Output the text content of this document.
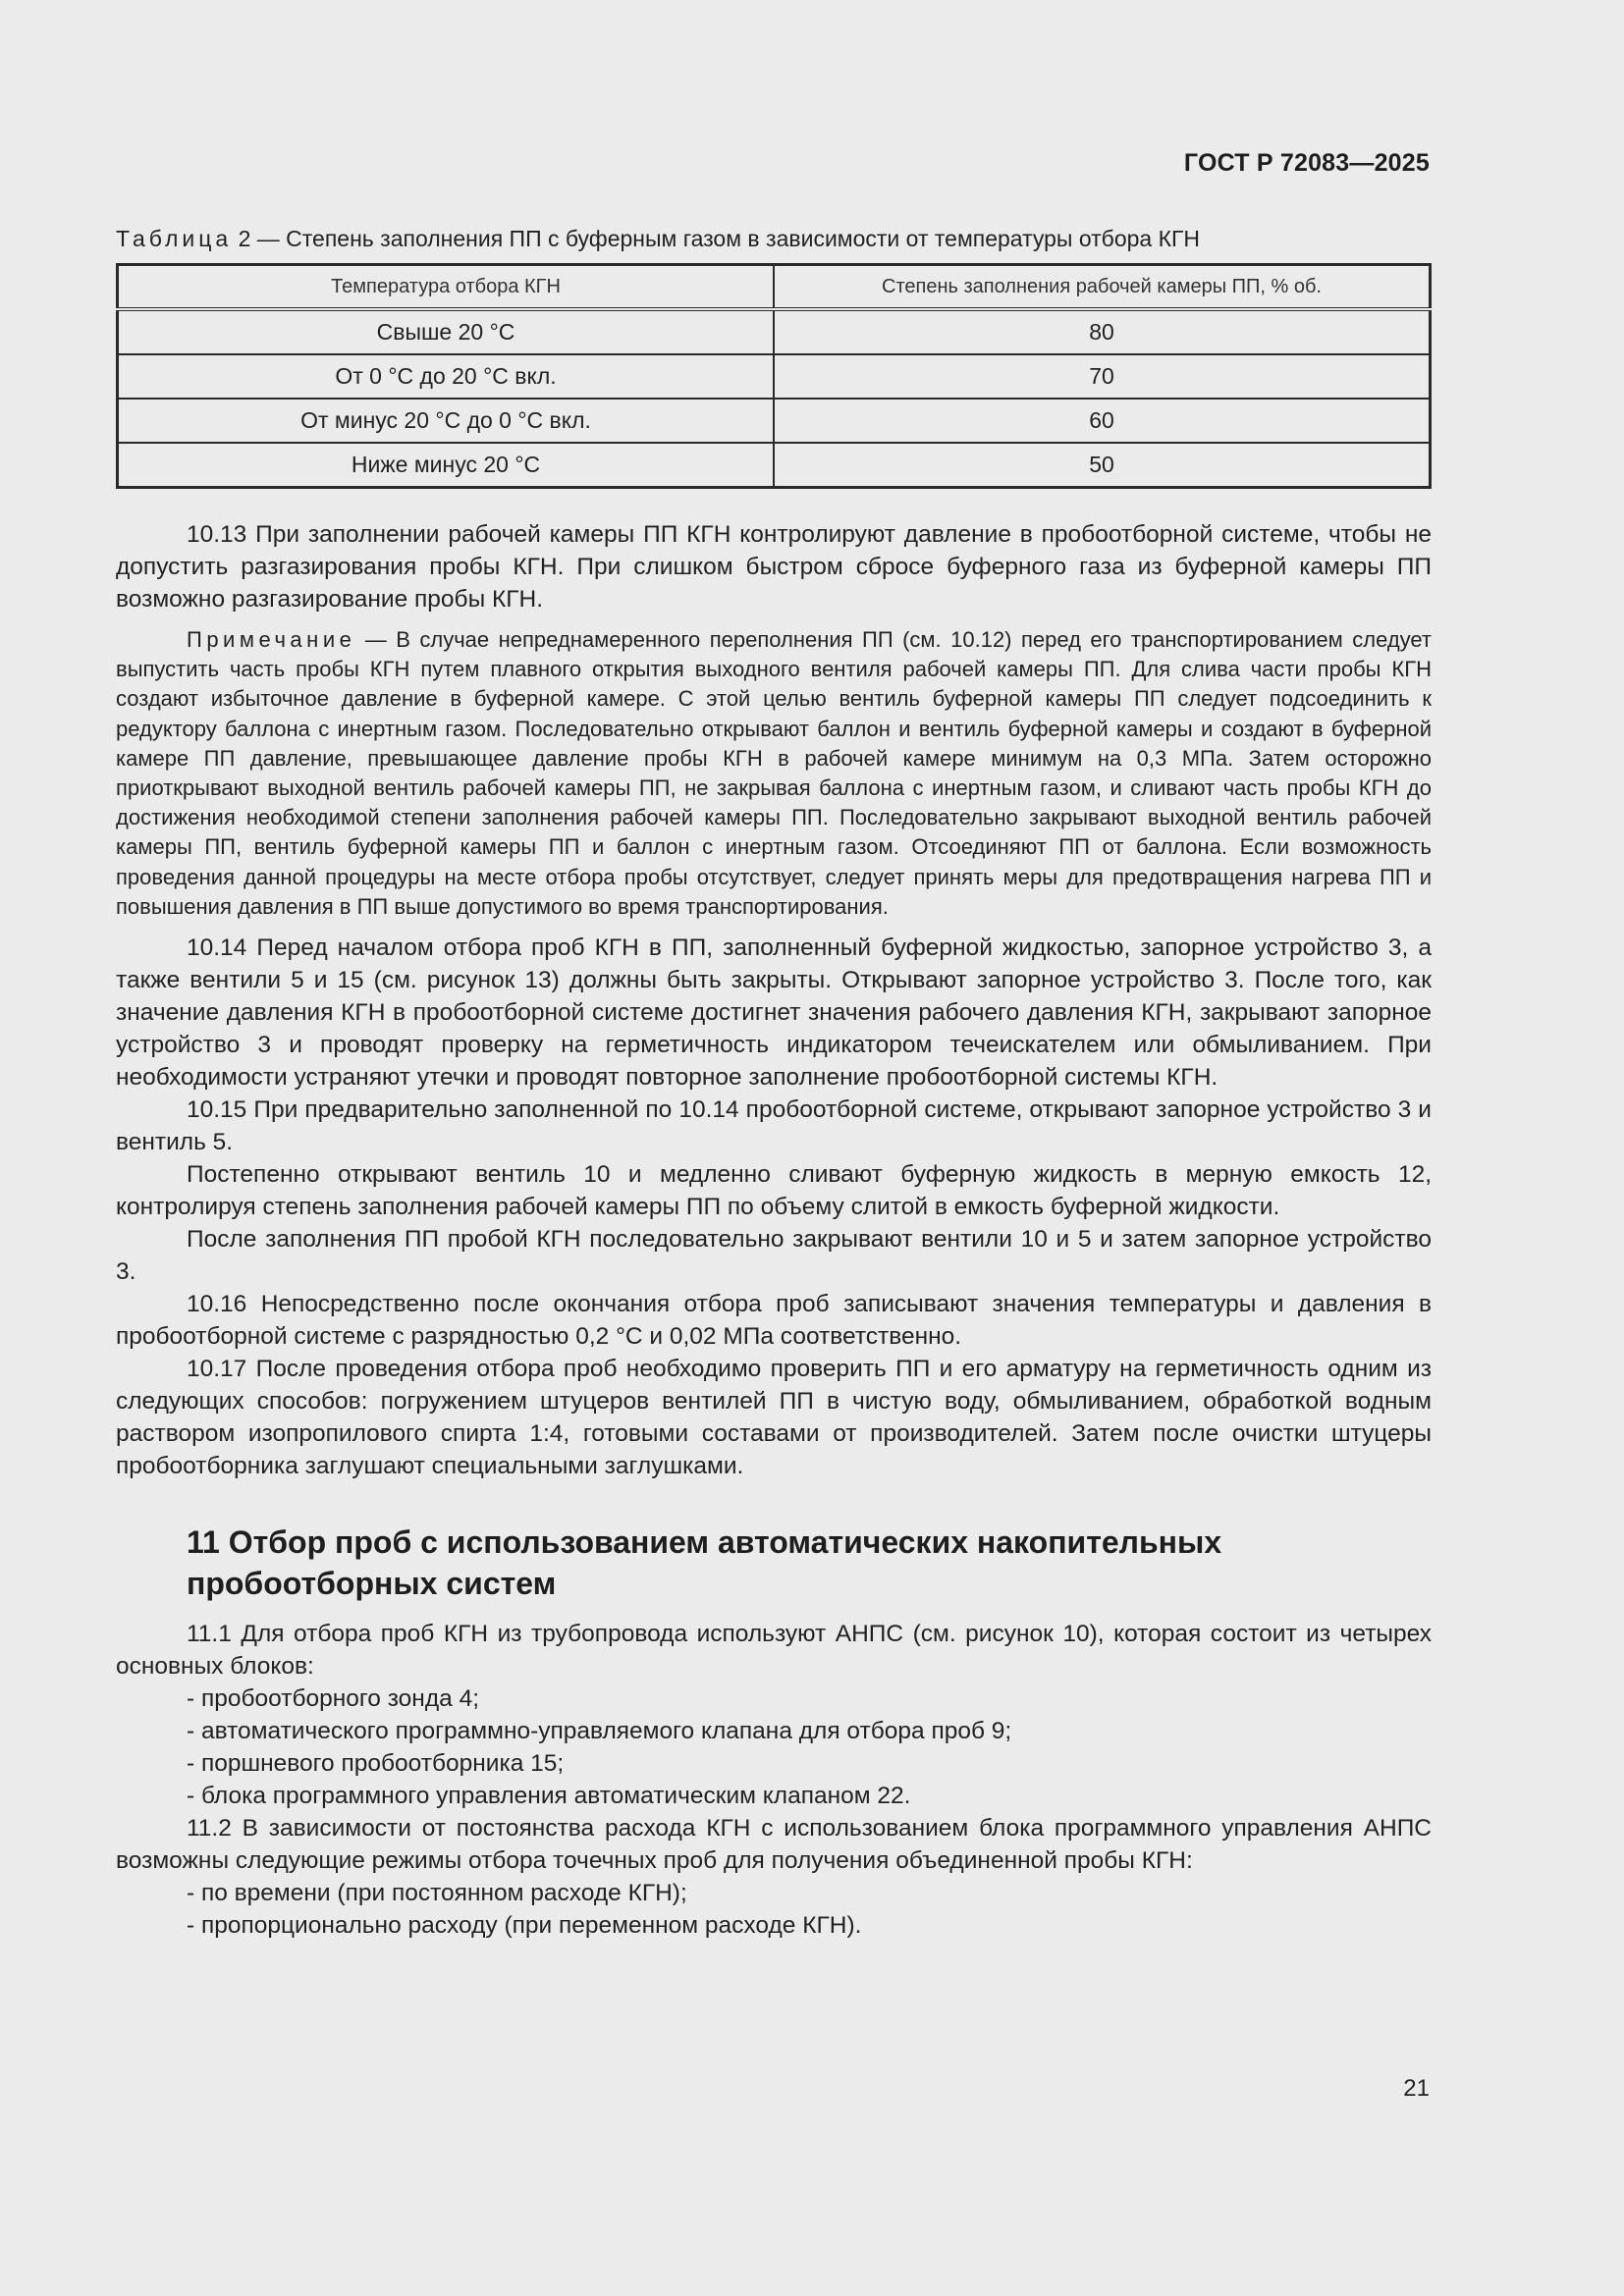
ГОСТ Р 72083—2025
Таблица 2 — Степень заполнения ПП с буферным газом в зависимости от температуры отбора КГН
Температура отбора КГН	Степень заполнения рабочей камеры ПП, % об.
Свыше 20 °С	80
От 0 °С до 20 °С вкл.	70
От минус 20 °С до 0 °С вкл.	60
Ниже минус 20 °С	50

10.13 При заполнении рабочей камеры ПП КГН контролируют давление в пробоотборной системе, чтобы не допустить разгазирования пробы КГН. При слишком быстром сбросе буферного газа из буферной камеры ПП возможно разгазирование пробы КГН.

Примечание — В случае непреднамеренного переполнения ПП (см. 10.12) перед его транспортированием следует выпустить часть пробы КГН путем плавного открытия выходного вентиля рабочей камеры ПП. Для слива части пробы КГН создают избыточное давление в буферной камере. С этой целью вентиль буферной камеры ПП следует подсоединить к редуктору баллона с инертным газом. Последовательно открывают баллон и вентиль буферной камеры и создают в буферной камере ПП давление, превышающее давление пробы КГН в рабочей камере минимум на 0,3 МПа. Затем осторожно приоткрывают выходной вентиль рабочей камеры ПП, не закрывая баллона с инертным газом, и сливают часть пробы КГН до достижения необходимой степени заполнения рабочей камеры ПП. Последовательно закрывают выходной вентиль рабочей камеры ПП, вентиль буферной камеры ПП и баллон с инертным газом. Отсоединяют ПП от баллона. Если возможность проведения данной процедуры на месте отбора пробы отсутствует, следует принять меры для предотвращения нагрева ПП и повышения давления в ПП выше допустимого во время транспортирования.

10.14 Перед началом отбора проб КГН в ПП, заполненный буферной жидкостью, запорное устройство 3, а также вентили 5 и 15 (см. рисунок 13) должны быть закрыты. Открывают запорное устройство 3. После того, как значение давления КГН в пробоотборной системе достигнет значения рабочего давления КГН, закрывают запорное устройство 3 и проводят проверку на герметичность индикатором течеискателем или обмыливанием. При необходимости устраняют утечки и проводят повторное заполнение пробоотборной системы КГН.

10.15 При предварительно заполненной по 10.14 пробоотборной системе, открывают запорное устройство 3 и вентиль 5.

Постепенно открывают вентиль 10 и медленно сливают буферную жидкость в мерную емкость 12, контролируя степень заполнения рабочей камеры ПП по объему слитой в емкость буферной жидкости.

После заполнения ПП пробой КГН последовательно закрывают вентили 10 и 5 и затем запорное устройство 3.

10.16 Непосредственно после окончания отбора проб записывают значения температуры и давления в пробоотборной системе с разрядностью 0,2 °С и 0,02 МПа соответственно.

10.17 После проведения отбора проб необходимо проверить ПП и его арматуру на герметичность одним из следующих способов: погружением штуцеров вентилей ПП в чистую воду, обмыливанием, обработкой водным раствором изопропилового спирта 1:4, готовыми составами от производителей. Затем после очистки штуцеры пробоотборника заглушают специальными заглушками.

11 Отбор проб с использованием автоматических накопительных пробоотборных систем

11.1 Для отбора проб КГН из трубопровода используют АНПС (см. рисунок 10), которая состоит из четырех основных блоков:

- пробоотборного зонда 4;
- автоматического программно-управляемого клапана для отбора проб 9;
- поршневого пробоотборника 15;
- блока программного управления автоматическим клапаном 22.

11.2 В зависимости от постоянства расхода КГН с использованием блока программного управления АНПС возможны следующие режимы отбора точечных проб для получения объединенной пробы КГН:

- по времени (при постоянном расходе КГН);
- пропорционально расходу (при переменном расходе КГН).
21
